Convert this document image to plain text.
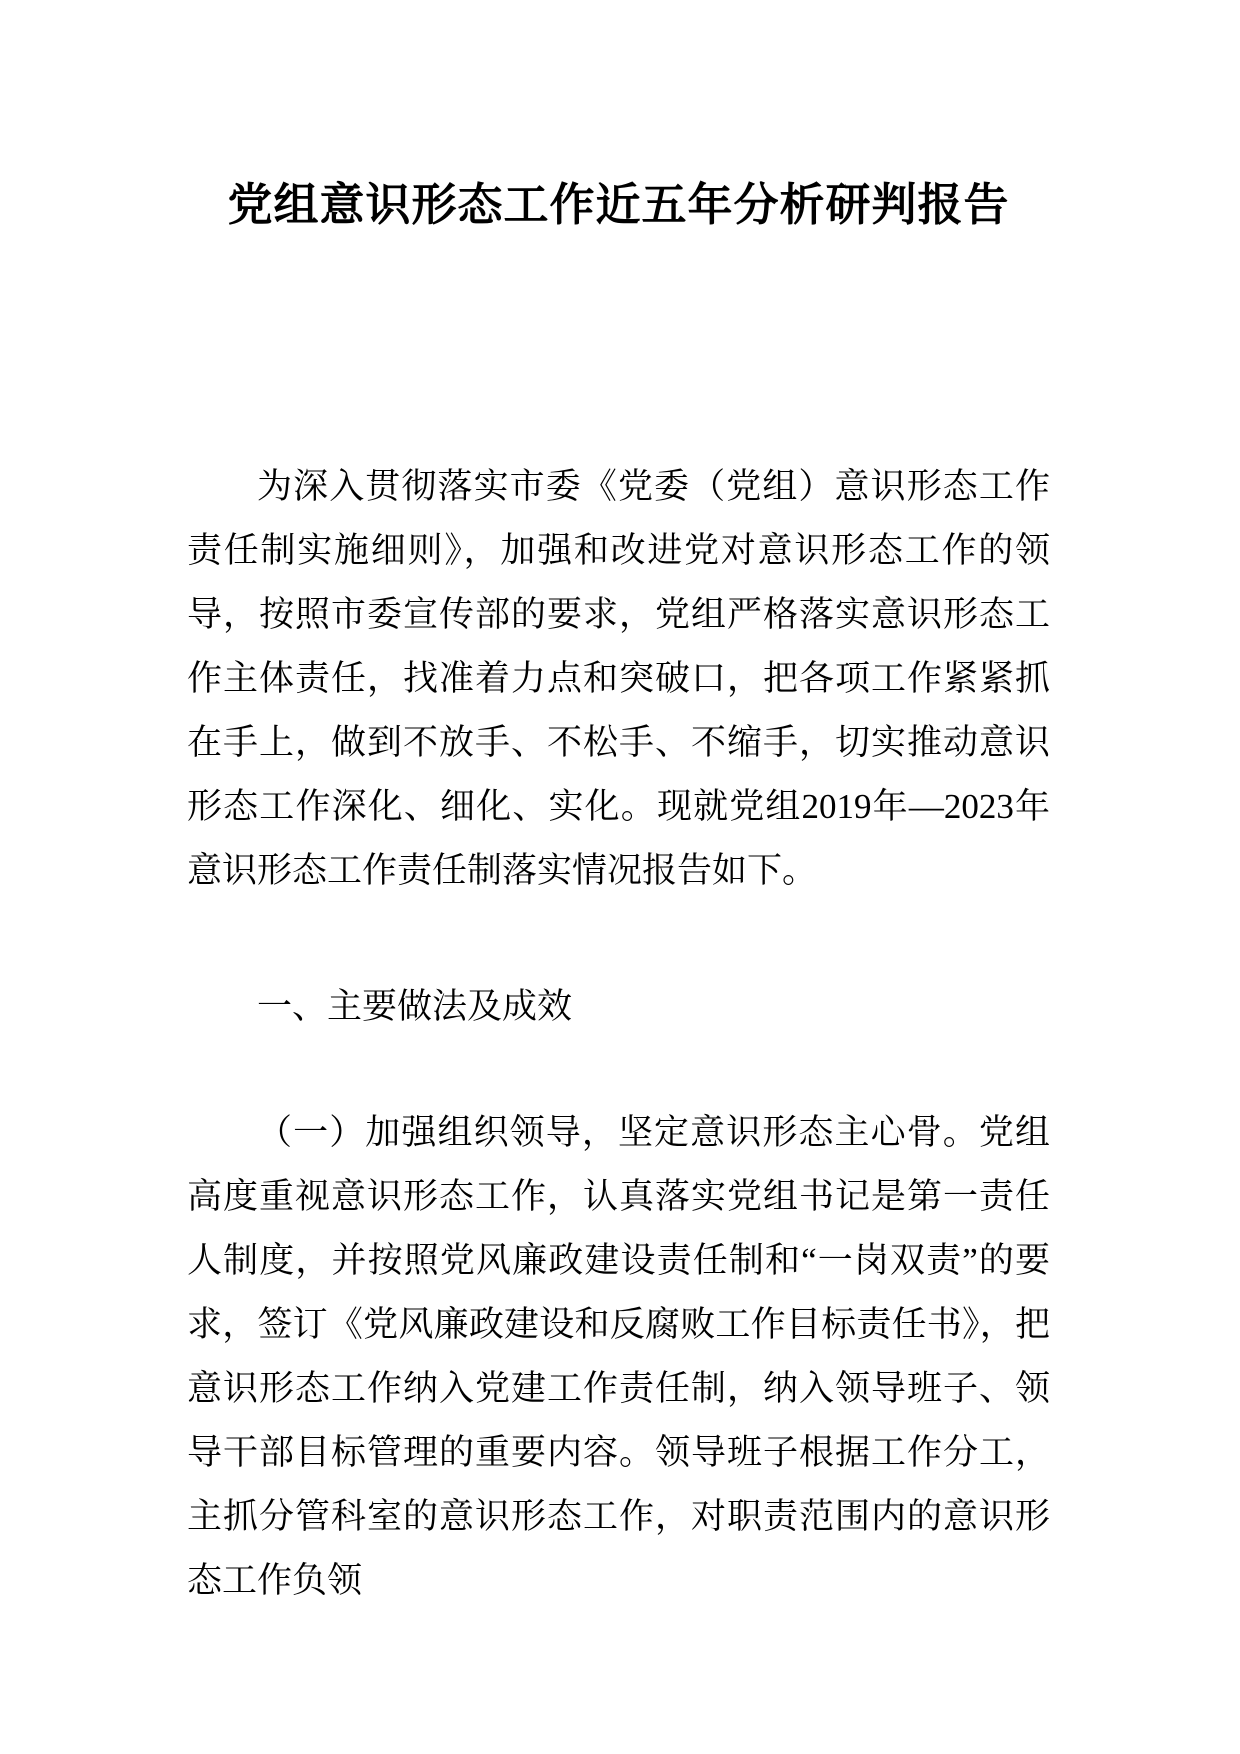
党组意识形态工作近五年分析研判报告

为深入贯彻落实市委《党委（党组）意识形态工作责任制实施细则》，加强和改进党对意识形态工作的领导，按照市委宣传部的要求，党组严格落实意识形态工作主体责任，找准着力点和突破口，把各项工作紧紧抓在手上，做到不放手、不松手、不缩手，切实推动意识形态工作深化、细化、实化。现就党组2019年—2023年意识形态工作责任制落实情况报告如下。

一、主要做法及成效

（一）加强组织领导，坚定意识形态主心骨。党组高度重视意识形态工作，认真落实党组书记是第一责任人制度，并按照党风廉政建设责任制和“一岗双责”的要求，签订《党风廉政建设和反腐败工作目标责任书》，把意识形态工作纳入党建工作责任制，纳入领导班子、领导干部目标管理的重要内容。领导班子根据工作分工，主抓分管科室的意识形态工作，对职责范围内的意识形态工作负领
